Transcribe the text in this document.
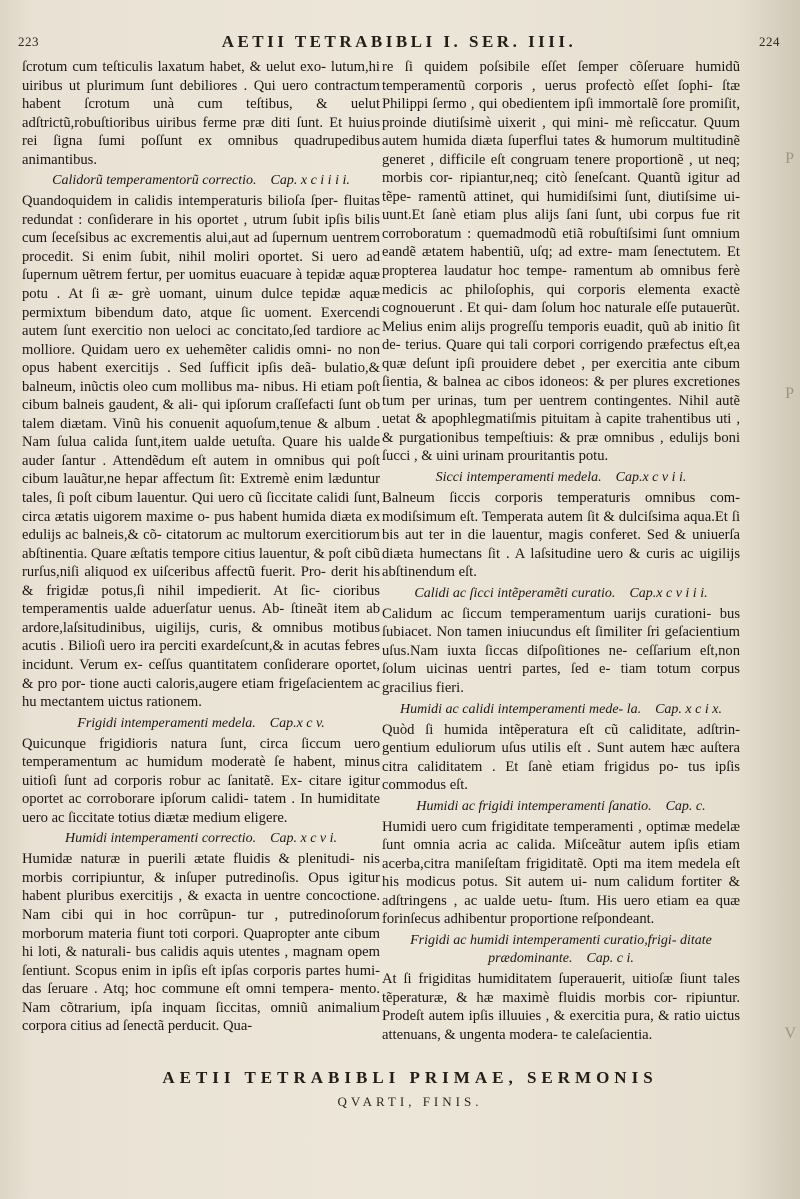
223	AETII TETRABIBLI I. SER. IIII.	224

ſcrotum cum teſticulis laxatum habet, & uelut exo- lutum,hi uiribus ut plurimum ſunt debiliores . Qui uero contractum habent ſcrotum unà cum teſtibus, & uelut adſtrictũ,robuſtioribus uiribus ferme præ diti ſunt. Et huius rei ſigna ſumi poſſunt ex omnibus quadrupedibus animantibus.

Calidorũ temperamentorũ correctio. Cap. x c i i i i.

Quandoquidem in calidis intemperaturis bilioſa ſper- fluitas redundat : conſiderare in his oportet , utrum ſubit ipſis bilis cum ſeceſsibus ac excrementis alui,aut ad ſupernum uentrem procedit. Si enim ſubit, nihil moliri oportet. Si uero ad ſupernum uẽtrem fertur, per uomitus euacuare à tepidæ aquæ potu . At ſi æ- grè uomant, uinum dulce tepidæ aquæ permixtum bibendum dato, atque ſic uoment. Exercendi autem ſunt exercitio non ueloci ac concitato,ſed tardiore ac molliore. Quidam uero ex uehemẽter calidis omni- no non opus habent exercitijs . Sed ſufficit ipſis deã- bulatio,& balneum, inũctis oleo cum mollibus ma- nibus. Hi etiam poſt cibum balneis gaudent, & ali- qui ipſorum craſſefacti ſunt ob talem diætam. Vinũ his conuenit aquoſum,tenue & album . Nam ſulua calida ſunt,item ualde uetuſta. Quare his ualde auder ſantur . Attendẽdum eſt autem in omnibus qui poſt cibum lauãtur,ne hepar affectum ſit: Extremè enim læduntur tales, ſi poſt cibum lauentur. Qui uero cũ ſiccitate calidi ſunt, circa ætatis uigorem maxime o- pus habent humida diæta ex edulijs ac balneis,& cõ- citatorum ac multorum exercitiorum abſtinentia. Quare æſtatis tempore citius lauentur, & poſt cibũ rurſus,niſi aliquod ex uiſceribus affectũ fuerit. Pro- derit his & frigidæ potus,ſi nihil impedierit. At ſic- cioribus temperamentis ualde aduerſatur uenus. Ab- ſtineãt item ab ardore,laſsitudinibus, uigilijs, curis, & omnibus motibus acutis . Bilioſi uero ira perciti exardeſcunt,& in acutas febres incidunt. Verum ex- ceſſus quantitatem conſiderare oportet, & pro por- tione aucti caloris,augere etiam frigeſacientem ac hu mectantem uictus rationem.

Frigidi intemperamenti medela. Cap.x c v.

Quicunque frigidioris natura ſunt, circa ſiccum uero temperamentum ac humidum moderatè ſe habent, minus uitioſi ſunt ad corporis robur ac ſanitatẽ. Ex- citare igitur oportet ac corroborare ipſorum calidi- tatem . In humiditate uero ac ſiccitate totius diætæ medium eligere.

Humidi intemperamenti correctio. Cap. x c v i.

Humidæ naturæ in puerili ætate fluidis & plenitudi- nis morbis corripiuntur, & inſuper putredinoſis. Opus igitur habent pluribus exercitijs , & exacta in uentre concoctione. Nam cibi qui in hoc corrũpun- tur , putredinoſorum morborum materia fiunt toti corpori. Quapropter ante cibum hi loti, & naturali- bus calidis aquis utentes , magnam opem ſentiunt. Scopus enim in ipſis eſt ipſas corporis partes humi- das ſeruare . Atq; hoc commune eſt omni tempera- mento. Nam cõtrarium, ipſa inquam ſiccitas, omniũ animalium corpora citius ad ſenectã perducit. Qua-

re ſi quidem poſsibile eſſet ſemper cõſeruare humidũ temperamentũ corporis , uerus profectò eſſet ſophi- ſtæ Philippi ſermo , qui obedientem ipſi immortalẽ ſore promiſit, proinde diutiſsimè uixerit , qui mini- mè reſiccatur. Quum autem humida diæta ſuperflui tates & humorum multitudinẽ generet , difficile eſt congruam tenere proportionẽ , ut neq; morbis cor- ripiantur,neq; citò ſeneſcant. Quantũ igitur ad tẽpe- ramentũ attinet, qui humidiſsimi ſunt, diutiſsime ui- uunt.Et ſanè etiam plus alijs ſani ſunt, ubi corpus fue rit corroboratum : quemadmodũ etiã robuſtiſsimi ſunt omnium eandẽ ætatem habentiũ, uſq; ad extre- mam ſenectutem. Et propterea laudatur hoc tempe- ramentum ab omnibus ferè medicis ac philoſophis, qui corporis elementa exactè cognouerunt . Et qui- dam ſolum hoc naturale eſſe putauerũt. Melius enim alijs progreſſu temporis euadit, quũ ab initio ſit de- terius. Quare qui tali corpori corrigendo præfectus eſt,ea quæ deſunt ipſi prouidere debet , per exercitia ante cibum ſientia, & balnea ac cibos idoneos: & per plures excretiones tum per urinas, tum per uentrem contingentes. Nihil autẽ uetat & apophlegmatiſmis pituitam à capite trahentibus uti , & purgationibus tempeſtiuis: & præ omnibus , edulijs boni ſucci , & uini urinam prouritantis potu.

Sicci intemperamenti medela. Cap.x c v i i.

Balneum ſiccis corporis temperaturis omnibus com- modiſsimum eſt. Temperata autem ſit & dulciſsima aqua.Et ſi bis aut ter in die lauentur, magis conferet. Sed & uniuerſa diæta humectans ſit . A laſsitudine uero & curis ac uigilijs abſtinendum eſt.

Calidi ac ſicci intẽperamẽti curatio. Cap.x c v i i i.

Calidum ac ſiccum temperamentum uarijs curationi- bus ſubiacet. Non tamen iniucundus eſt ſimiliter ſri geſacientium uſus.Nam iuxta ſiccas diſpoſitiones ne- ceſſarium eſt,non ſolum uicinas uentri partes, ſed e- tiam totum corpus gracilius fieri.

Humidi ac calidi intemperamenti mede- la. Cap. x c i x.

Quòd ſi humida intẽperatura eſt cũ caliditate, adſtrin- gentium eduliorum uſus utilis eſt . Sunt autem hæc auſtera citra caliditatem . Et ſanè etiam frigidus po- tus ipſis commodus eſt.

Humidi ac frigidi intemperamenti ſanatio. Cap. c.

Humidi uero cum frigiditate temperamenti , optimæ medelæ ſunt omnia acria ac calida. Miſceãtur autem ipſis etiam acerba,citra maniſeſtam frigiditatẽ. Opti ma item medela eſt his modicus potus. Sit autem ui- num calidum fortiter & adſtringens , ac ualde uetu- ſtum. His uero etiam ea quæ forinſecus adhibentur proportione reſpondeant.

Frigidi ac humidi intemperamenti curatio,frigi- ditate prædominante. Cap. c i.

At ſi frigiditas humiditatem ſuperauerit, uitioſæ ſiunt tales tẽperaturæ, & hæ maximè fluidis morbis cor- ripiuntur. Prodeſt autem ipſis illuuies , & exercitia pura, & ratio uictus attenuans, & ungenta modera- te caleſacientia.

AETII TETRABIBLI PRIMAE, SERMONIS
QVARTI, FINIS.
P
P
V
